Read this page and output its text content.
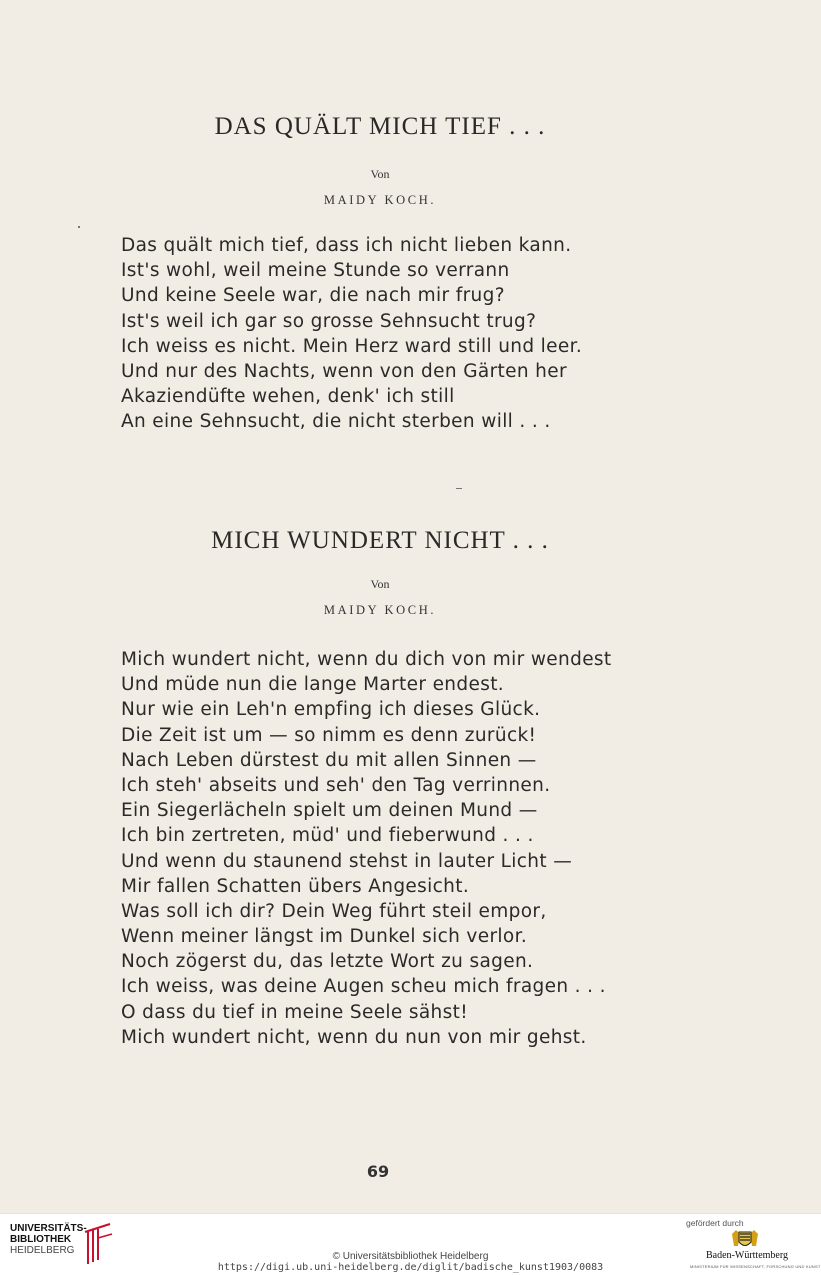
DAS QUÄLT MICH TIEF . . .
Von
MAIDY KOCH.
Das quält mich tief, dass ich nicht lieben kann.
Ist's wohl, weil meine Stunde so verrann
Und keine Seele war, die nach mir frug?
Ist's weil ich gar so grosse Sehnsucht trug?
Ich weiss es nicht. Mein Herz ward still und leer.
Und nur des Nachts, wenn von den Gärten her
Akaziendüfte wehen, denk' ich still
An eine Sehnsucht, die nicht sterben will . . .
MICH WUNDERT NICHT . . .
Von
MAIDY KOCH.
Mich wundert nicht, wenn du dich von mir wendest
Und müde nun die lange Marter endest.
Nur wie ein Leh'n empfing ich dieses Glück.
Die Zeit ist um — so nimm es denn zurück!
Nach Leben dürstest du mit allen Sinnen —
Ich steh' abseits und seh' den Tag verrinnen.
Ein Siegerlächeln spielt um deinen Mund —
Ich bin zertreten, müd' und fieberwund . . .
Und wenn du staunend stehst in lauter Licht —
Mir fallen Schatten übers Angesicht.
Was soll ich dir? Dein Weg führt steil empor,
Wenn meiner längst im Dunkel sich verlor.
Noch zögerst du, das letzte Wort zu sagen.
Ich weiss, was deine Augen scheu mich fragen . . .
O dass du tief in meine Seele sähst!
Mich wundert nicht, wenn du nun von mir gehst.
69
UNIVERSITÄTS-
BIBLIOTHEK
HEIDELBERG
© Universitätsbibliothek Heidelberg
https://digi.ub.uni-heidelberg.de/diglit/badische_kunst1903/0083
gefördert durch
Baden-Württemberg
MINISTERIUM FÜR WISSENSCHAFT, FORSCHUNG UND KUNST
